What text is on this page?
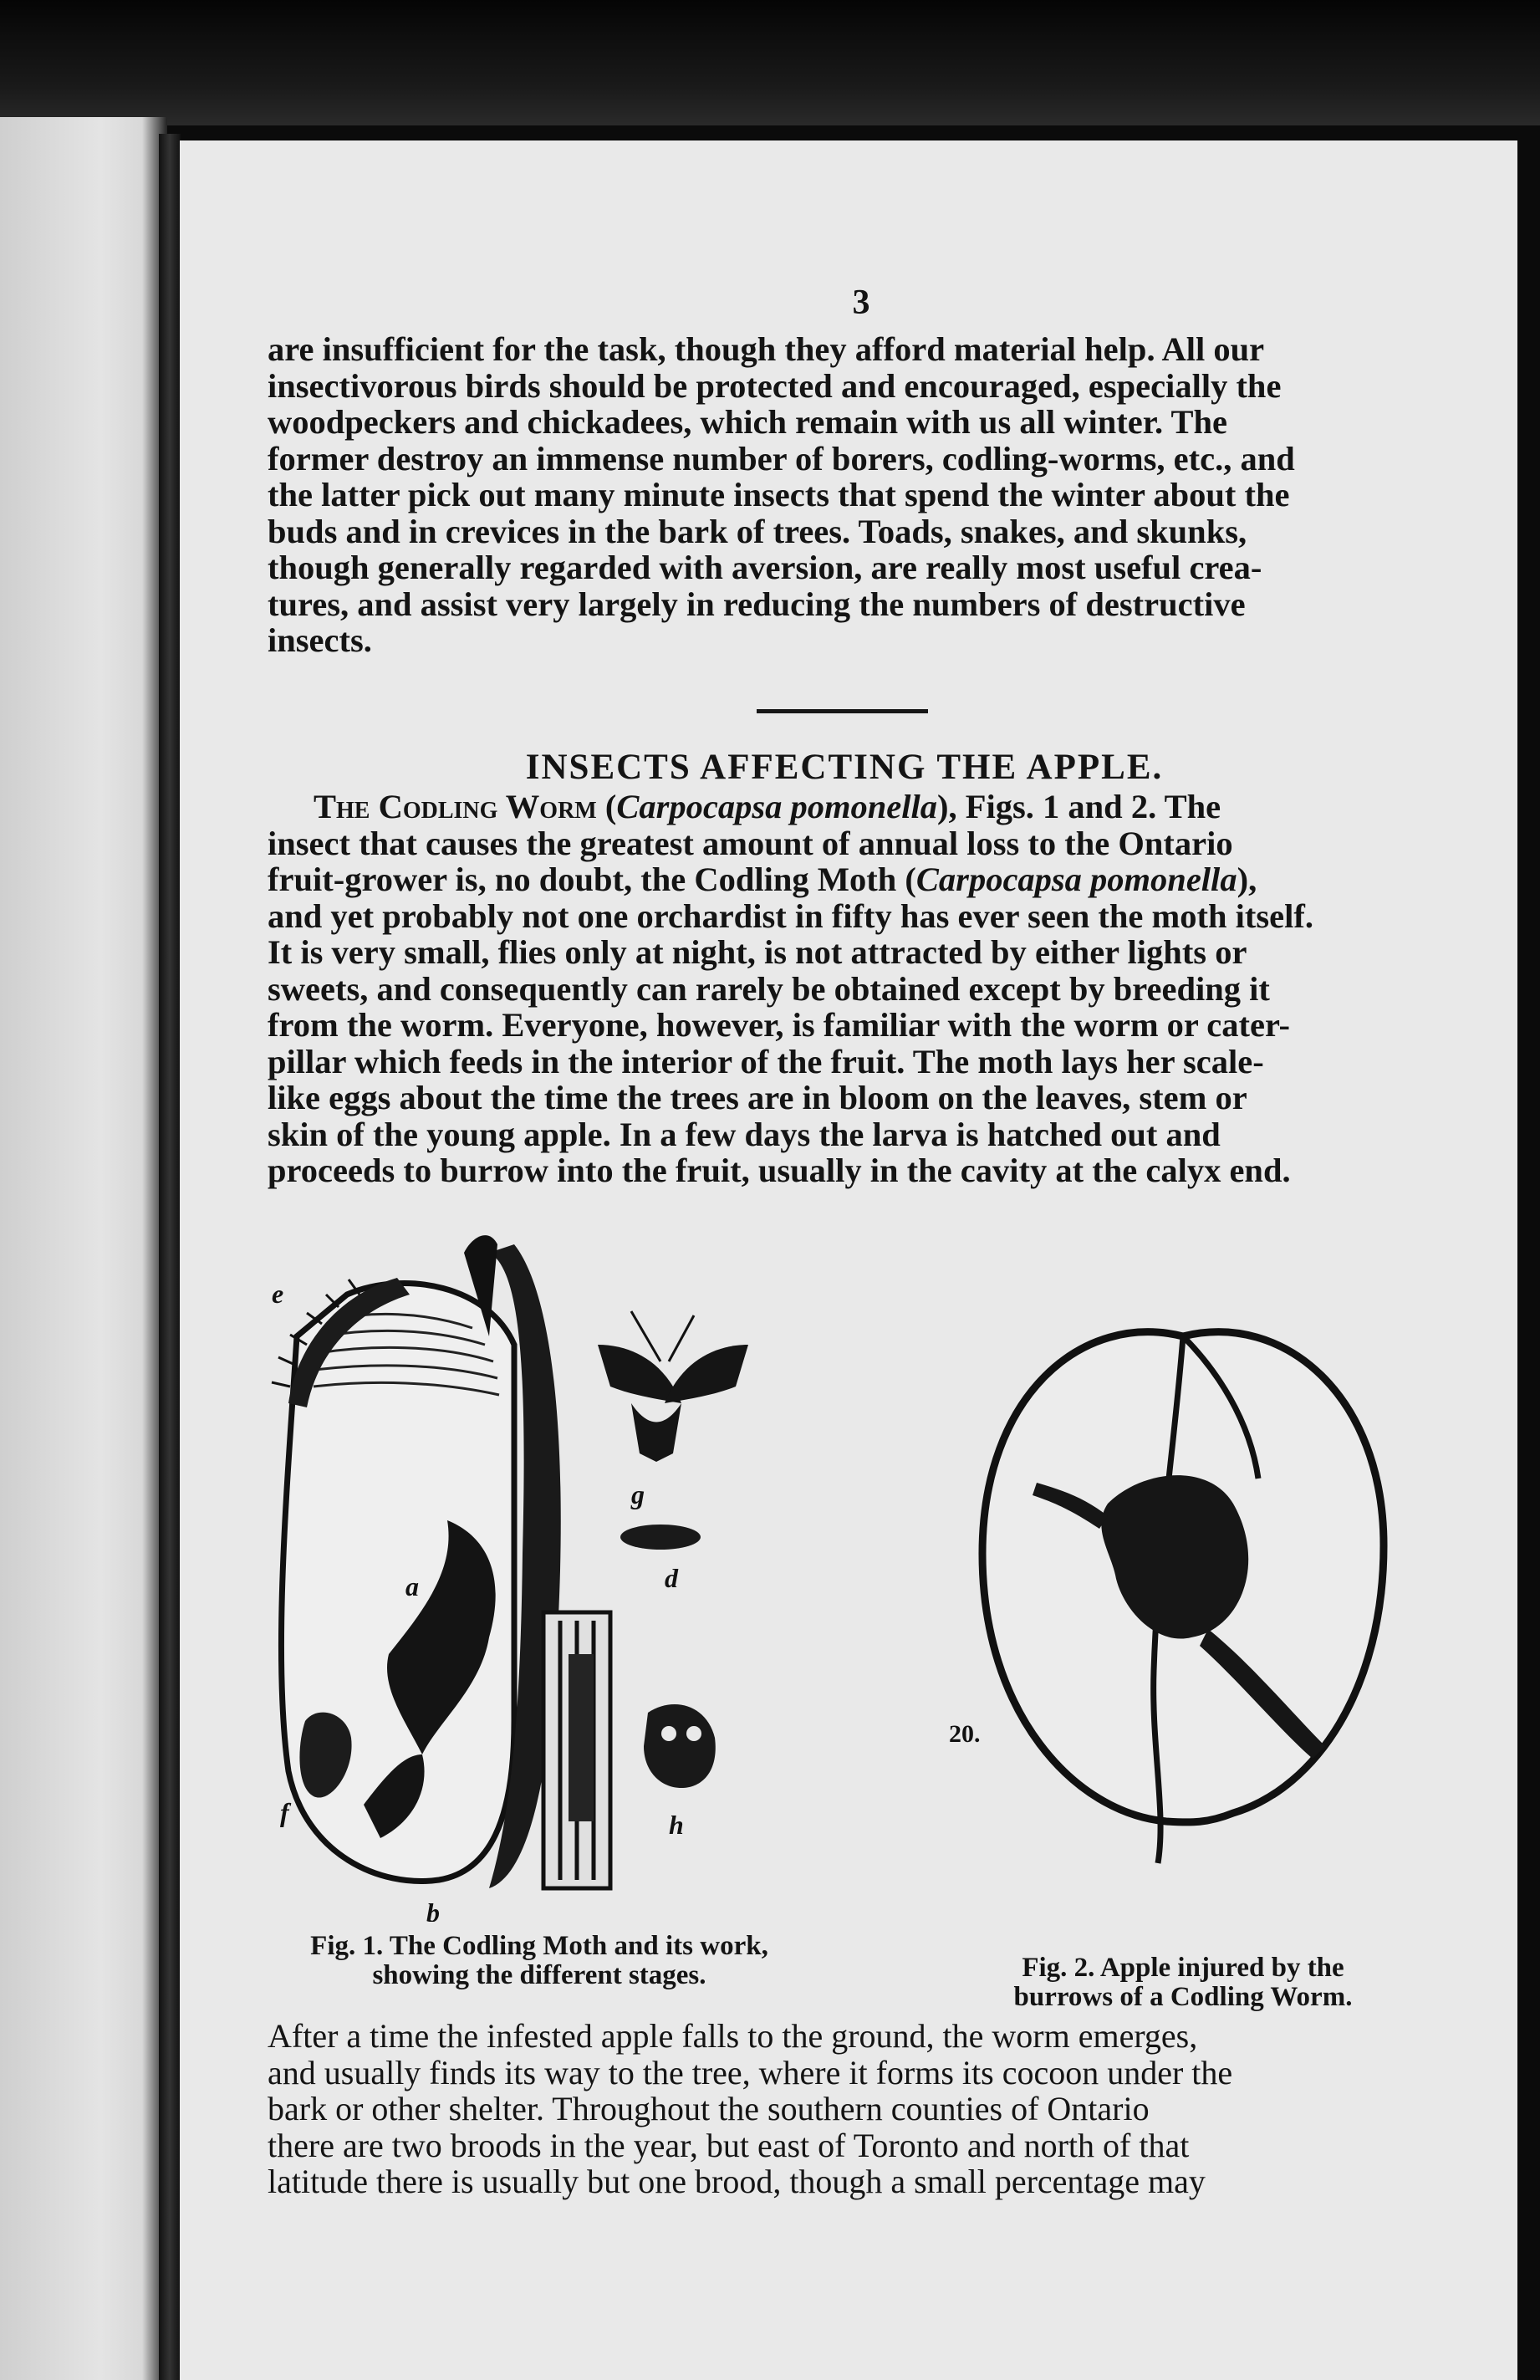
3
are insufficient for the task, though they afford material help. All our
insectivorous birds should be protected and encouraged, especially the
woodpeckers and chickadees, which remain with us all winter. The
former destroy an immense number of borers, codling-worms, etc., and
the latter pick out many minute insects that spend the winter about the
buds and in crevices in the bark of trees. Toads, snakes, and skunks,
though generally regarded with aversion, are really most useful crea-
tures, and assist very largely in reducing the numbers of destructive
insects.
INSECTS AFFECTING THE APPLE.
The Codling Worm (Carpocapsa pomonella), Figs. 1 and 2. The
insect that causes the greatest amount of annual loss to the Ontario
fruit-grower is, no doubt, the Codling Moth (Carpocapsa pomonella),
and yet probably not one orchardist in fifty has ever seen the moth itself.
It is very small, flies only at night, is not attracted by either lights or
sweets, and consequently can rarely be obtained except by breeding it
from the worm. Everyone, however, is familiar with the worm or cater-
pillar which feeds in the interior of the fruit. The moth lays her scale-
like eggs about the time the trees are in bloom on the leaves, stem or
skin of the young apple. In a few days the larva is hatched out and
proceeds to burrow into the fruit, usually in the cavity at the calyx end.
e
a
f
b
g
d
h
20.
Fig. 1. The Codling Moth and its work,
showing the different stages.	Fig. 2. Apple injured by the
burrows of a Codling Worm.
After a time the infested apple falls to the ground, the worm emerges,
and usually finds its way to the tree, where it forms its cocoon under the
bark or other shelter. Throughout the southern counties of Ontario
there are two broods in the year, but east of Toronto and north of that
latitude there is usually but one brood, though a small percentage may
